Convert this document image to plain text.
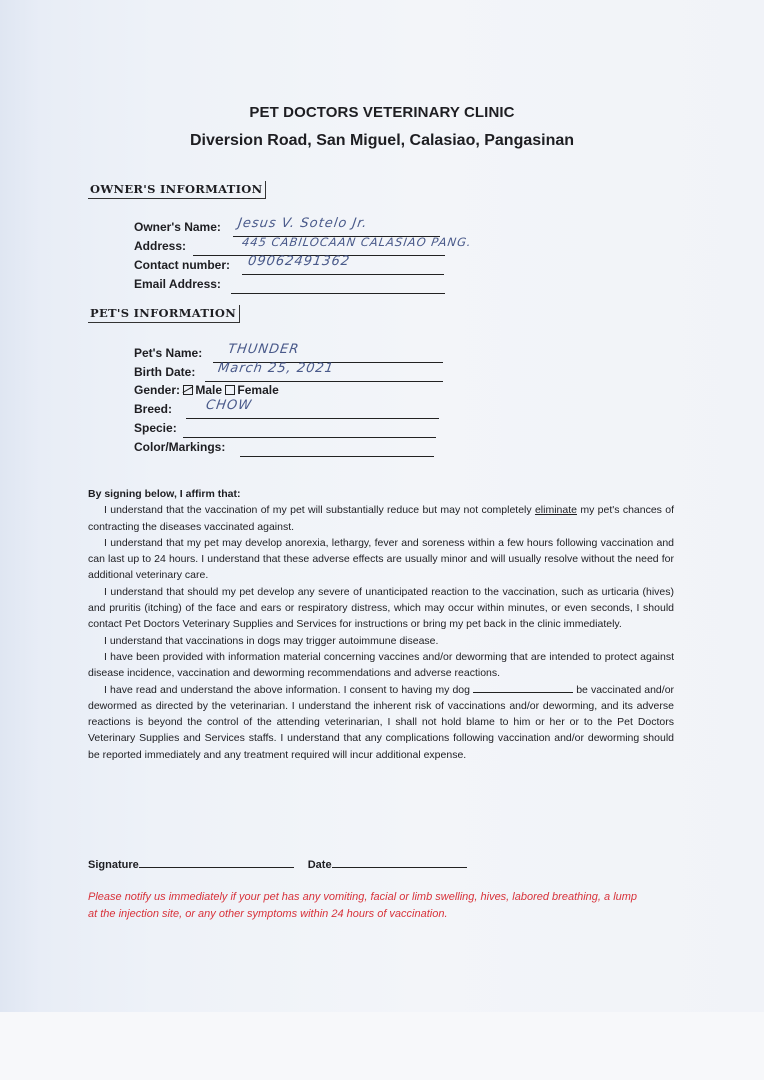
PET DOCTORS VETERINARY CLINIC
Diversion Road, San Miguel, Calasiao, Pangasinan
OWNER'S INFORMATION
Owner's Name: Jesus V. Sotelo Jr.
Address:	445 CABILOCAAN CALASIAO PANG.
Contact number: 09062491362
Email Address:
PET'S INFORMATION
Pet's Name: THUNDER
Birth Date: March 25, 2021
Gender: Male Female
Breed:	CHOW
Specie:
Color/Markings:

By signing below, I affirm that:

I understand that the vaccination of my pet will substantially reduce but may not completely eliminate my pet's chances of contracting the diseases vaccinated against.

I understand that my pet may develop anorexia, lethargy, fever and soreness within a few hours following vaccination and can last up to 24 hours. I understand that these adverse effects are usually minor and will usually resolve without the need for additional veterinary care.

I understand that should my pet develop any severe of unanticipated reaction to the vaccination, such as urticaria (hives) and pruritis (itching) of the face and ears or respiratory distress, which may occur within minutes, or even seconds, I should contact Pet Doctors Veterinary Supplies and Services for instructions or bring my pet back in the clinic immediately.

I understand that vaccinations in dogs may trigger autoimmune disease.

I have been provided with information material concerning vaccines and/or deworming that are intended to protect against disease incidence, vaccination and deworming recommendations and adverse reactions.

I have read and understand the above information. I consent to having my dog	be vaccinated and/or dewormed as directed by the veterinarian. I understand the inherent risk of vaccinations and/or deworming, and its adverse reactions is beyond the control of the attending veterinarian, I shall not hold blame to him or her or to the Pet Doctors Veterinary Supplies and Services staffs. I understand that any complications following vaccination and/or deworming should be reported immediately and any treatment required will incur additional expense.

Signature	Date
Please notify us immediately if your pet has any vomiting, facial or limb swelling, hives, labored breathing, a lump at the injection site, or any other symptoms within 24 hours of vaccination.
